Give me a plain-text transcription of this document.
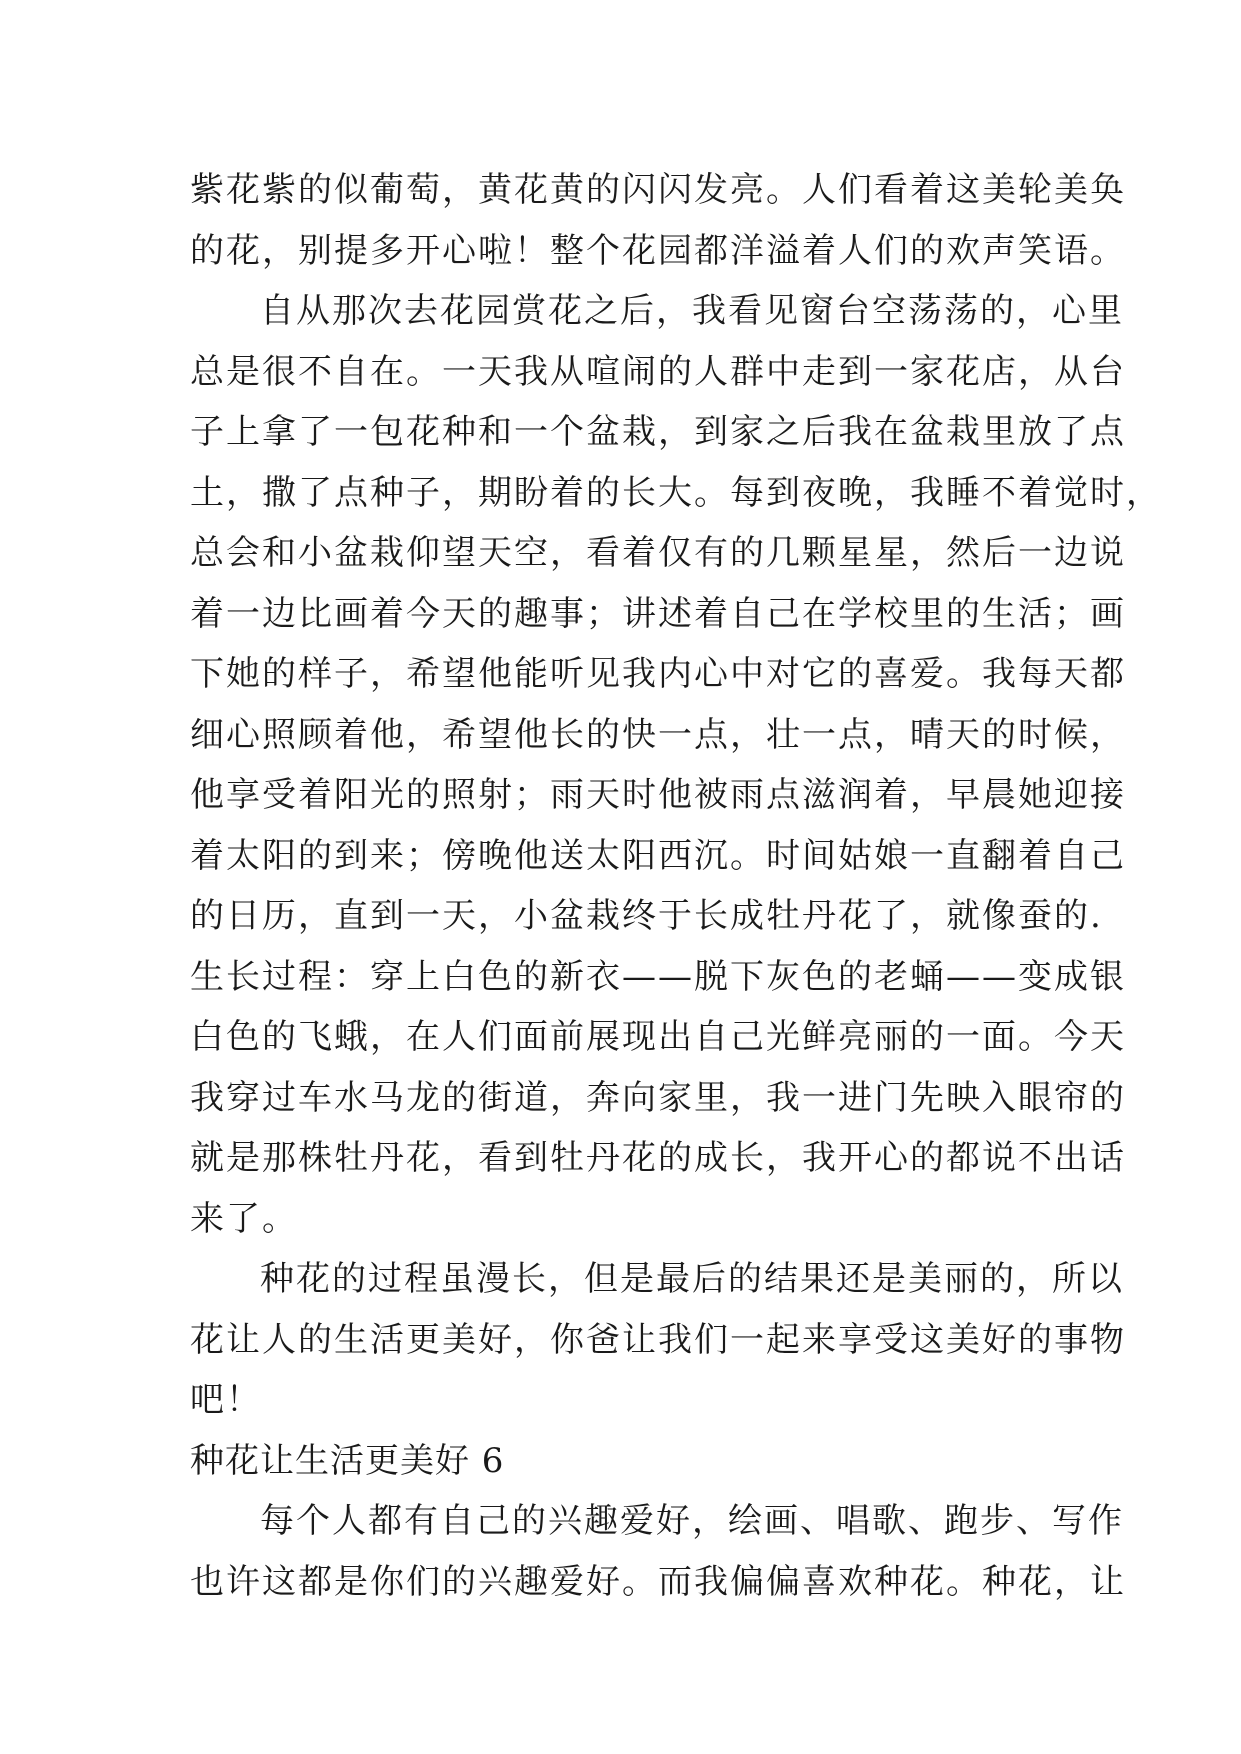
紫花紫的似葡萄，黄花黄的闪闪发亮。人们看着这美轮美奂
的花，别提多开心啦！整个花园都洋溢着人们的欢声笑语。
自从那次去花园赏花之后，我看见窗台空荡荡的，心里
总是很不自在。一天我从喧闹的人群中走到一家花店，从台
子上拿了一包花种和一个盆栽，到家之后我在盆栽里放了点
土，撒了点种子，期盼着的长大。每到夜晚，我睡不着觉时，
总会和小盆栽仰望天空，看着仅有的几颗星星，然后一边说
着一边比画着今天的趣事；讲述着自己在学校里的生活；画
下她的样子，希望他能听见我内心中对它的喜爱。我每天都
细心照顾着他，希望他长的快一点，壮一点，晴天的时候，
他享受着阳光的照射；雨天时他被雨点滋润着，早晨她迎接
着太阳的到来；傍晚他送太阳西沉。时间姑娘一直翻着自己
的日历，直到一天，小盆栽终于长成牡丹花了，就像蚕的.
生长过程：穿上白色的新衣——脱下灰色的老蛹——变成银
白色的飞蛾，在人们面前展现出自己光鲜亮丽的一面。今天
我穿过车水马龙的街道，奔向家里，我一进门先映入眼帘的
就是那株牡丹花，看到牡丹花的成长，我开心的都说不出话
来了。
种花的过程虽漫长，但是最后的结果还是美丽的，所以
花让人的生活更美好，你爸让我们一起来享受这美好的事物
吧！
种花让生活更美好 6
每个人都有自己的兴趣爱好，绘画、唱歌、跑步、写作
也许这都是你们的兴趣爱好。而我偏偏喜欢种花。种花，让
